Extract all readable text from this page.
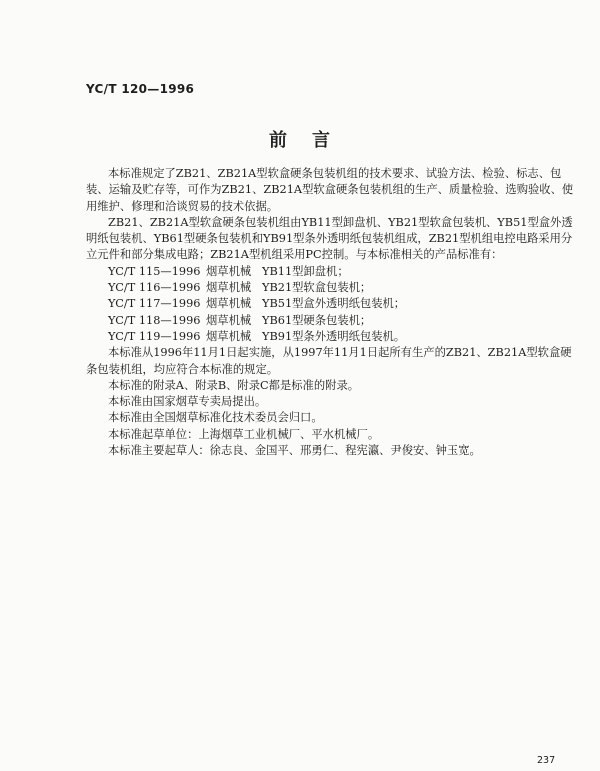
YC/T 120—1996
前 言

本标准规定了ZB21、ZB21A型软盒硬条包装机组的技术要求、试验方法、检验、标志、包装、运输及贮存等，可作为ZB21、ZB21A型软盒硬条包装机组的生产、质量检验、选购验收、使用维护、修理和洽谈贸易的技术依据。

ZB21、ZB21A型软盒硬条包装机组由YB11型卸盘机、YB21型软盒包装机、YB51型盒外透明纸包装机、YB61型硬条包装机和YB91型条外透明纸包装机组成，ZB21型机组电控电路采用分立元件和部分集成电路；ZB21A型机组采用PC控制。与本标准相关的产品标准有：

YC/T 115—1996 烟草机械 YB11型卸盘机；

YC/T 116—1996 烟草机械 YB21型软盒包装机；

YC/T 117—1996 烟草机械 YB51型盒外透明纸包装机；

YC/T 118—1996 烟草机械 YB61型硬条包装机；

YC/T 119—1996 烟草机械 YB91型条外透明纸包装机。

本标准从1996年11月1日起实施，从1997年11月1日起所有生产的ZB21、ZB21A型软盒硬条包装机组，均应符合本标准的规定。

本标准的附录A、附录B、附录C都是标准的附录。

本标准由国家烟草专卖局提出。

本标准由全国烟草标准化技术委员会归口。

本标准起草单位：上海烟草工业机械厂、平水机械厂。

本标准主要起草人：徐志良、金国平、邢勇仁、程宪瀛、尹俊安、钟玉宽。

237
